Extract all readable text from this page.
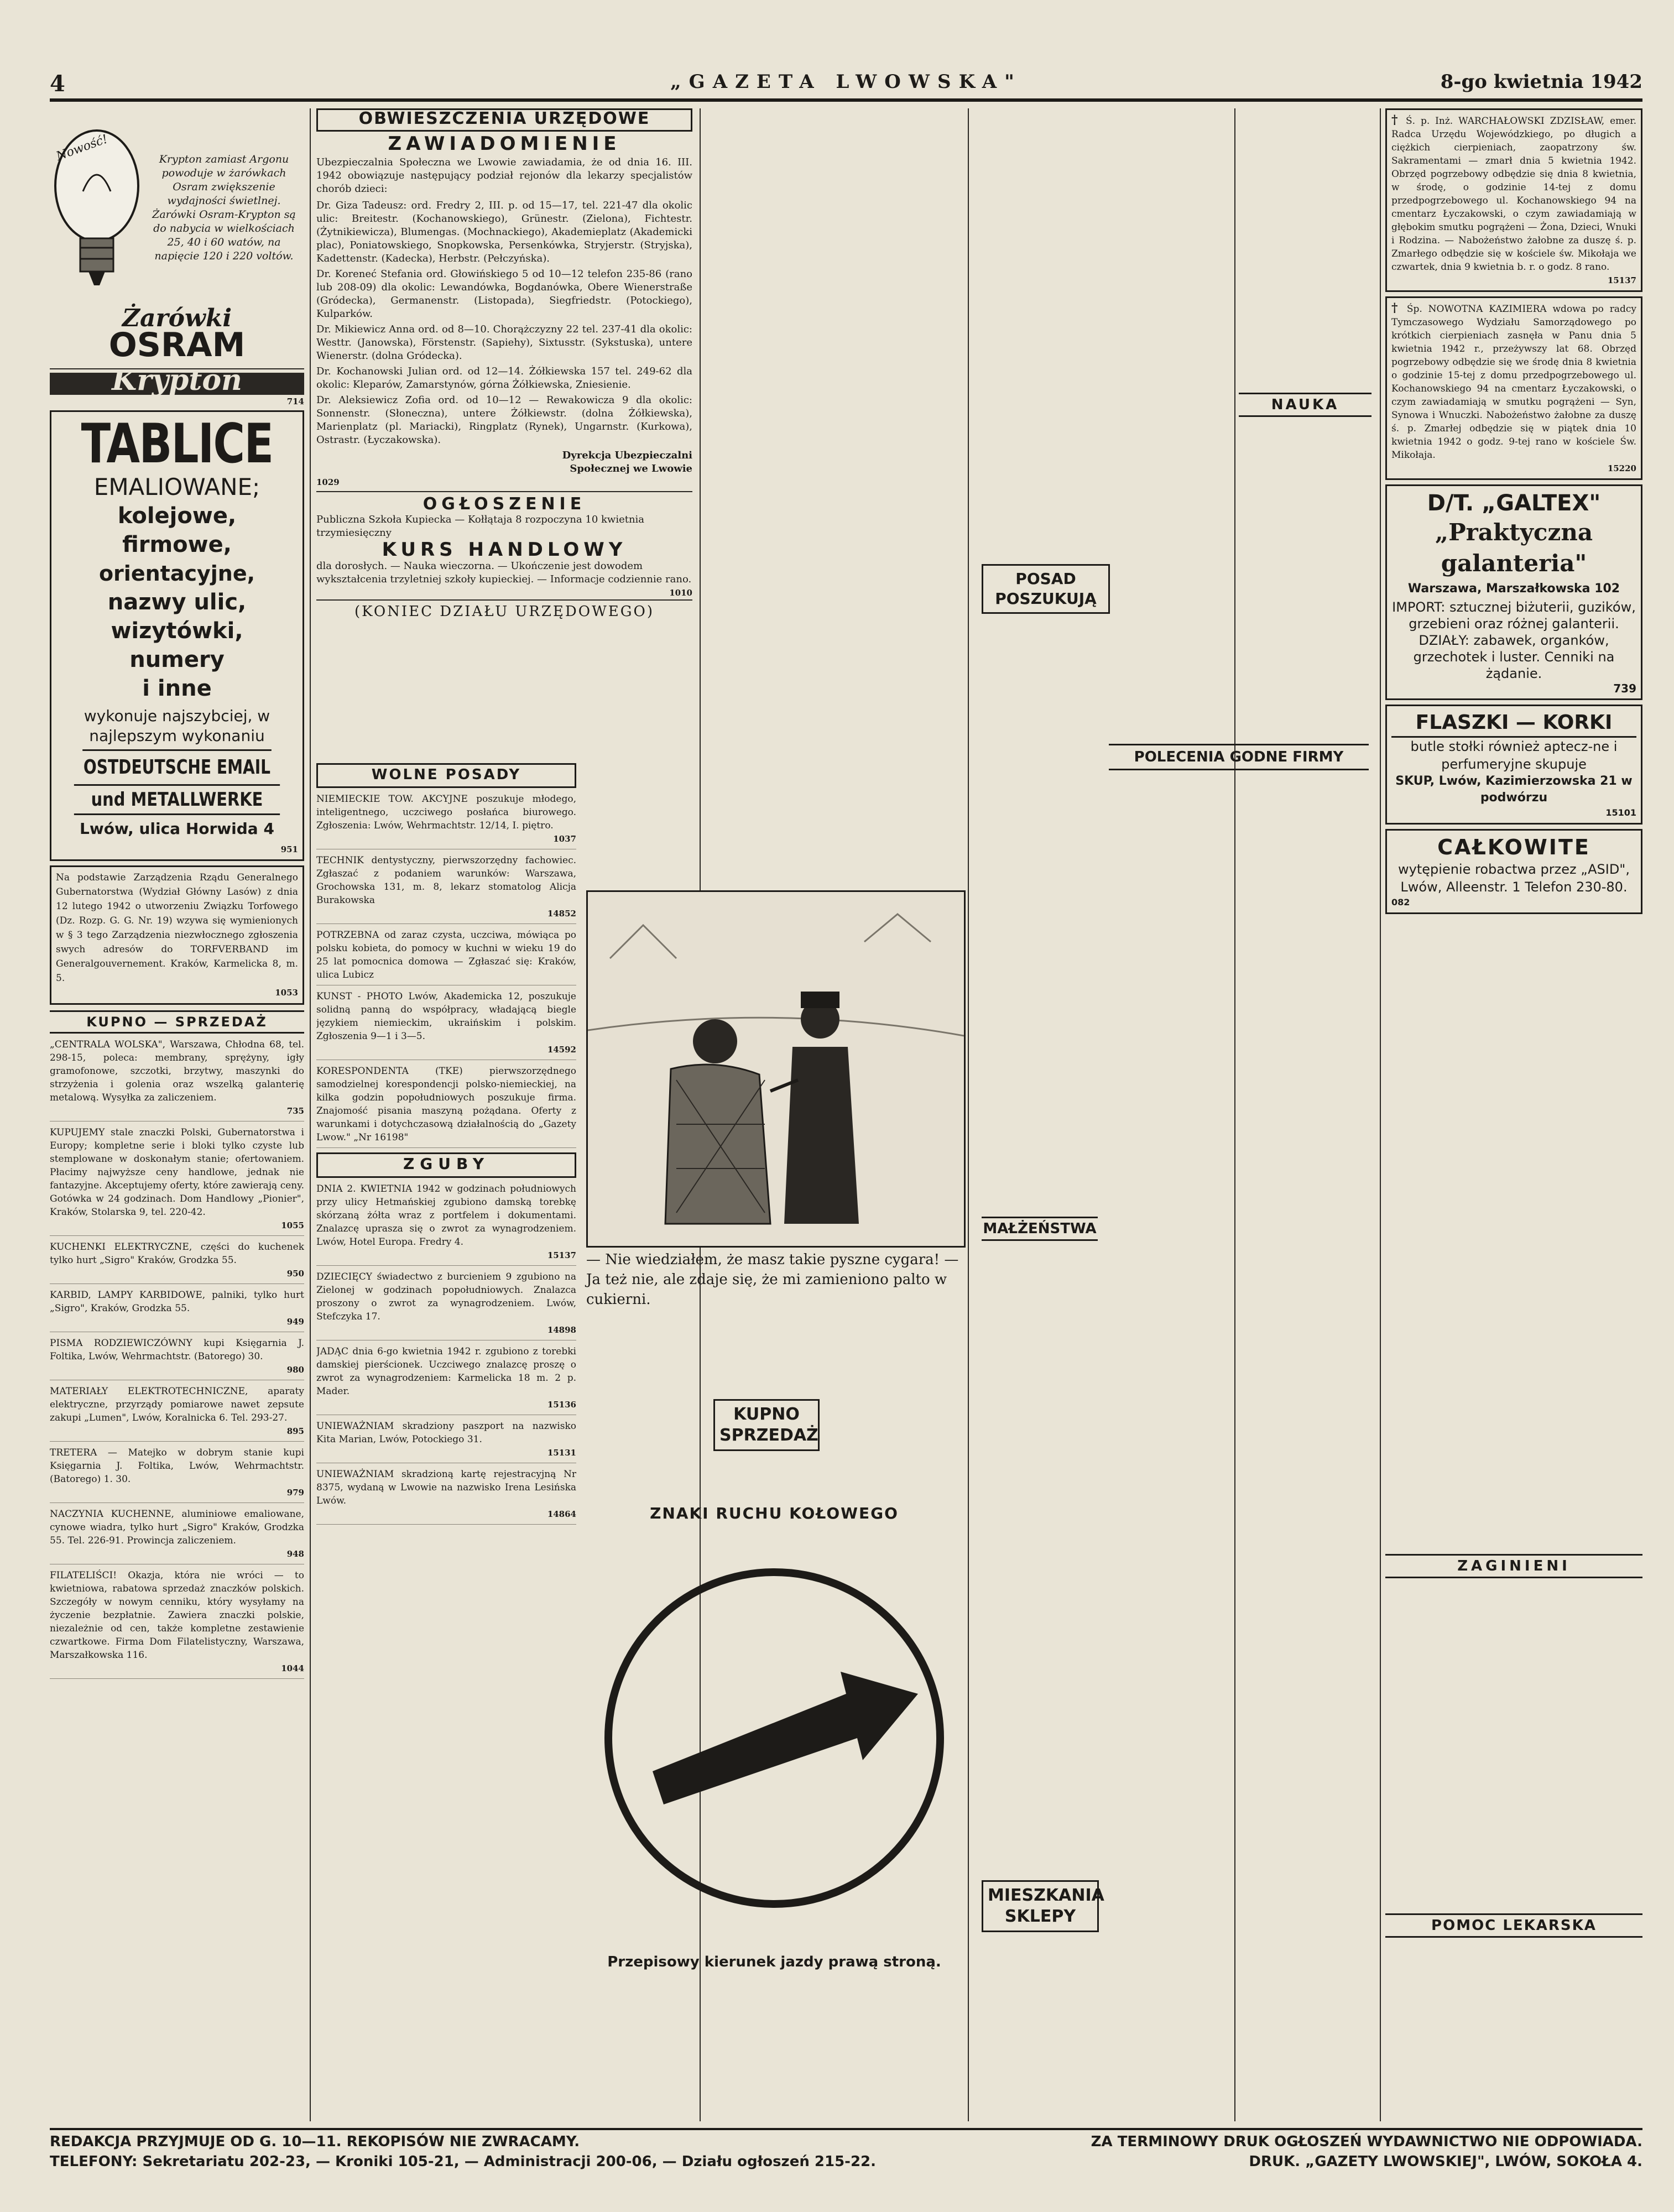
4	„GAZETA LWOWSKA"	8-go kwietnia 1942
Nowość!	Krypton zamiast Argonu powoduje w żarówkach Osram zwiększenie wydajności świetlnej. Żarówki Osram-Krypton są do nabycia w wielkościach 25, 40 i 60 watów, na napięcie 120 i 220 voltów.
Żarówki
OSRAM
Krypton
714
TABLICE
EMALIOWANE;
kolejowe,
firmowe,
orientacyjne,
nazwy ulic,
wizytówki,
numery
i inne
wykonuje najszybciej, w najlepszym wykonaniu
OSTDEUTSCHE EMAIL
und METALLWERKE
Lwów, ulica Horwida 4
951
Na podstawie Zarządzenia Rządu Generalnego Gubernatorstwa (Wydział Główny Lasów) z dnia 12 lutego 1942 o utworzeniu Związku Torfowego (Dz. Rozp. G. G. Nr. 19) wzywa się wymienionych w § 3 tego Zarządzenia niezwłocznego zgłoszenia swych adresów do TORFVERBAND im Generalgouvernement. Kraków, Karmelicka 8, m. 5.
1053
KUPNO — SPRZEDAŻ
„CENTRALA WOLSKA", Warszawa, Chłodna 68, tel. 298-15, poleca: membrany, sprężyny, igły gramofonowe, szczotki, brzytwy, maszynki do strzyżenia i golenia oraz wszelką galanterię metalową. Wysyłka za zaliczeniem.
735
KUPUJEMY stale znaczki Polski, Gubernatorstwa i Europy; kompletne serie i bloki tylko czyste lub stemplowane w doskonałym stanie; ofertowaniem. Płacimy najwyższe ceny handlowe, jednak nie fantazyjne. Akceptujemy oferty, które zawierają ceny. Gotówka w 24 godzinach. Dom Handlowy „Pionier", Kraków, Stolarska 9, tel. 220-42.
1055
KUCHENKI ELEKTRYCZNE, części do kuchenek tylko hurt „Sigro" Kraków, Grodzka 55.
950
KARBID, LAMPY KARBIDOWE, palniki, tylko hurt „Sigro", Kraków, Grodzka 55.
949
PISMA RODZIEWICZÓWNY kupi Księgarnia J. Foltika, Lwów, Wehrmachtstr. (Batorego) 30.
980
MATERIAŁY ELEKTROTECHNICZNE, aparaty elektryczne, przyrządy pomiarowe nawet zepsute zakupi „Lumen", Lwów, Koralnicka 6. Tel. 293-27.
895
TRETERA — Matejko w dobrym stanie kupi Księgarnia J. Foltika, Lwów, Wehrmachtstr. (Batorego) 1. 30.
979
NACZYNIA KUCHENNE, aluminiowe emaliowane, cynowe wiadra, tylko hurt „Sigro" Kraków, Grodzka 55. Tel. 226-91. Prowincja zaliczeniem.
948
FILATELIŚCI! Okazja, która nie wróci — to kwietniowa, rabatowa sprzedaż znaczków polskich. Szczegóły w nowym cenniku, który wysyłamy na życzenie bezpłatnie. Zawiera znaczki polskie, niezależnie od cen, także kompletne zestawienie czwartkowe. Firma Dom Filatelistyczny, Warszawa, Marszałkowska 116.
1044
OBWIESZCZENIA URZĘDOWE
ZAWIADOMIENIE
Ubezpieczalnia Społeczna we Lwowie zawiadamia, że od dnia 16. III. 1942 obowiązuje następujący podział rejonów dla lekarzy specjalistów chorób dzieci:
Dr. Giza Tadeusz: ord. Fredry 2, III. p. od 15—17, tel. 221-47 dla okolic ulic: Breitestr. (Kochanowskiego), Grünestr. (Zielona), Fichtestr. (Żytnikiewicza), Blumengas. (Mochnackiego), Akademieplatz (Akademicki plac), Poniatowskiego, Snopkowska, Persenkówka, Stryjerstr. (Stryjska), Kadettenstr. (Kadecka), Herbstr. (Pełczyńska).
Dr. Koreneć Stefania ord. Głowińskiego 5 od 10—12 telefon 235-86 (rano lub 208-09) dla okolic: Lewandówka, Bogdanówka, Obere Wienerstraße (Gródecka), Germanenstr. (Listopada), Siegfriedstr. (Potockiego), Kulparków.
Dr. Mikiewicz Anna ord. od 8—10. Chorążczyzny 22 tel. 237-41 dla okolic: Westtr. (Janowska), Förstenstr. (Sapiehy), Sixtusstr. (Sykstuska), untere Wienerstr. (dolna Gródecka).
Dr. Kochanowski Julian ord. od 12—14. Żółkiewska 157 tel. 249-62 dla okolic: Kleparów, Zamarstynów, górna Żółkiewska, Zniesienie.
Dr. Aleksiewicz Zofia ord. od 10—12 — Rewakowicza 9 dla okolic: Sonnenstr. (Słoneczna), untere Żółkiewstr. (dolna Żółkiewska), Marienplatz (pl. Mariacki), Ringplatz (Rynek), Ungarnstr. (Kurkowa), Ostrastr. (Łyczakowska).
Dyrekcja Ubezpieczalni Społecznej we Lwowie
1029
OGŁOSZENIE
Publiczna Szkoła Kupiecka — Kołłątaja 8 rozpoczyna 10 kwietnia trzymiesięczny
KURS HANDLOWY
dla dorosłych. — Nauka wieczorna. — Ukończenie jest dowodem wykształcenia trzyletniej szkoły kupieckiej. — Informacje codziennie rano.
1010
(KONIEC DZIAŁU URZĘDOWEGO)
WOLNE POSADY
NIEMIECKIE TOW. AKCYJNE poszukuje młodego, inteligentnego, uczciwego posłańca biurowego. Zgłoszenia: Lwów, Wehrmachtstr. 12/14, I. piętro.
1037
TECHNIK dentystyczny, pierwszorzędny fachowiec. Zgłaszać z podaniem warunków: Warszawa, Grochowska 131, m. 8, lekarz stomatolog Alicja Burakowska
14852
POTRZEBNA od zaraz czysta, uczciwa, mówiąca po polsku kobieta, do pomocy w kuchni w wieku 19 do 25 lat pomocnica domowa — Zgłaszać się: Kraków, ulica Lubicz
KUNST - PHOTO Lwów, Akademicka 12, poszukuje solidną panną do współpracy, władającą biegle językiem niemieckim, ukraińskim i polskim. Zgłoszenia 9—1 i 3—5.
14592
KORESPONDENTA (TKE) pierwszorzędnego samodzielnej korespondencji polsko-niemieckiej, na kilka godzin popołudniowych poszukuje firma. Znajomość pisania maszyną pożądana. Oferty z warunkami i dotychczasową działalnością do „Gazety Lwow." „Nr 16198"
ZGUBY
DNIA 2. KWIETNIA 1942 w godzinach południowych przy ulicy Hetmańskiej zgubiono damską torebkę skórzaną żółta wraz z portfelem i dokumentami. Znalazcę uprasza się o zwrot za wynagrodzeniem. Lwów, Hotel Europa. Fredry 4.
15137
DZIECIĘCY świadectwo z burcieniem 9 zgubiono na Zielonej w godzinach popołudniowych. Znalazca proszony o zwrot za wynagrodzeniem. Lwów, Stefczyka 17.
14898
JADĄC dnia 6-go kwietnia 1942 r. zgubiono z torebki damskiej pierścionek. Uczciwego znalazcę proszę o zwrot za wynagrodzeniem: Karmelicka 18 m. 2 p. Mader.
15136
UNIEWAŻNIAM skradziony paszport na nazwisko Kita Marian, Lwów, Potockiego 31.
15131
UNIEWAŻNIAM skradzioną kartę rejestracyjną Nr 8375, wydaną w Lwowie na nazwisko Irena Lesińska Lwów.
14864
— Nie wiedziałem, że masz takie pyszne cygara! — Ja też nie, ale zdaje się, że mi zamieniono palto w cukierni.
ZNAKI RUCHU KOŁOWEGO
Przepisowy kierunek jazdy prawą stroną.
KUPNO SPRZEDAŻ
MIESZKANIA SKLEPY
POSAD POSZUKUJĄ
MAŁŻEŃSTWA
POLECENIA GODNE FIRMY
NAUKA
† Ś. p. Inż. WARCHAŁOWSKI ZDZISŁAW, emer. Radca Urzędu Wojewódzkiego, po długich a ciężkich cierpieniach, zaopatrzony św. Sakramentami — zmarł dnia 5 kwietnia 1942. Obrzęd pogrzebowy odbędzie się dnia 8 kwietnia, w środę, o godzinie 14-tej z domu przedpogrzebowego ul. Kochanowskiego 94 na cmentarz Łyczakowski, o czym zawiadamiają w głębokim smutku pogrążeni — Żona, Dzieci, Wnuki i Rodzina. — Nabożeństwo żałobne za duszę ś. p. Zmarłego odbędzie się w kościele św. Mikołaja we czwartek, dnia 9 kwietnia b. r. o godz. 8 rano.
15137
† Śp. NOWOTNA KAZIMIERA wdowa po radcy Tymczasowego Wydziału Samorządowego po krótkich cierpieniach zasnęła w Panu dnia 5 kwietnia 1942 r., przeżywszy lat 68. Obrzęd pogrzebowy odbędzie się we środę dnia 8 kwietnia o godzinie 15-tej z domu przedpogrzebowego ul. Kochanowskiego 94 na cmentarz Łyczakowski, o czym zawiadamiają w smutku pogrążeni — Syn, Synowa i Wnuczki. Nabożeństwo żałobne za duszę ś. p. Zmarłej odbędzie się w piątek dnia 10 kwietnia 1942 o godz. 9-tej rano w kościele Św. Mikołaja.
15220
D/T. „GALTEX"
„Praktyczna galanteria"
Warszawa, Marszałkowska 102
IMPORT: sztucznej biżuterii, guzików, grzebieni oraz różnej galanterii.
DZIAŁY: zabawek, organków, grzechotek i luster. Cenniki na żądanie.
739
FLASZKI — KORKI
butle stołki również aptecz-ne i perfumeryjne skupuje
SKUP, Lwów, Kazimierzowska 21 w podwórzu
15101
CAŁKOWITE
wytępienie robactwa przez „ASID", Lwów, Alleenstr. 1 Telefon 230-80.
082
ZAGINIENI
POMOC LEKARSKA
REDAKCJA PRZYJMUJE OD G. 10—11. REKOPISÓW NIE ZWRACAMY.
TELEFONY: Sekretariatu 202-23, — Kroniki 105-21, — Administracji 200-06, — Działu ogłoszeń 215-22.
ZA TERMINOWY DRUK OGŁOSZEŃ WYDAWNICTWO NIE ODPOWIADA.
DRUK. „GAZETY LWOWSKIEJ", LWÓW, SOKOŁA 4.
